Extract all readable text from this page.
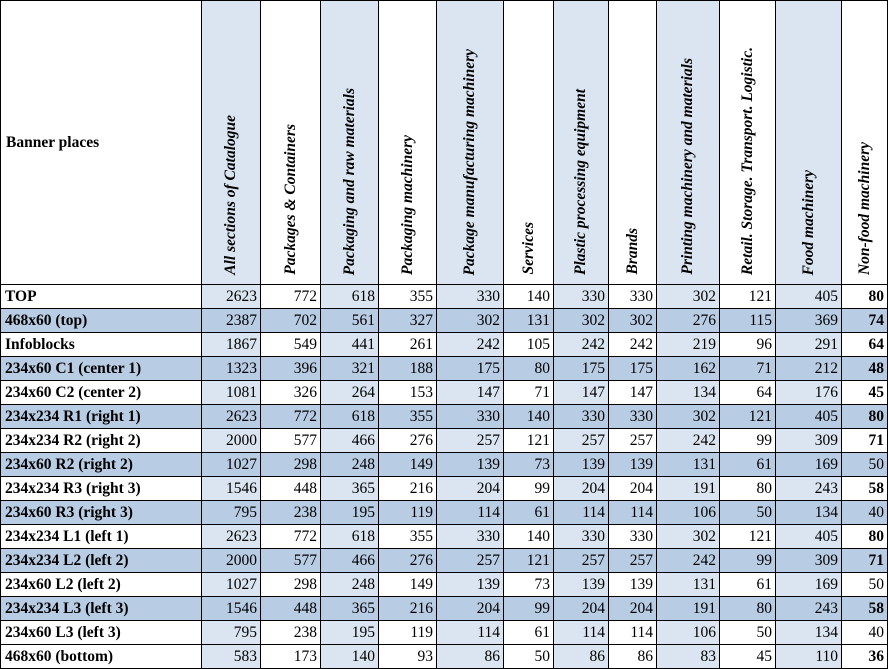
Banner places	All sections of Catalogue	Packages & Containers	Packaging and raw materials	Packaging machinery	Package manufacturing machinery	Services	Plastic processing equipment	Brands	Printing machinery and materials	Retail. Storage. Transport. Logistic.	Food machinery	Non-food machinery
TOP	2623	772	618	355	330	140	330	330	302	121	405	80
468x60 (top)	2387	702	561	327	302	131	302	302	276	115	369	74
Infoblocks	1867	549	441	261	242	105	242	242	219	96	291	64
234x60 C1 (center 1)	1323	396	321	188	175	80	175	175	162	71	212	48
234x60 C2 (center 2)	1081	326	264	153	147	71	147	147	134	64	176	45
234x234 R1 (right 1)	2623	772	618	355	330	140	330	330	302	121	405	80
234x234 R2 (right 2)	2000	577	466	276	257	121	257	257	242	99	309	71
234x60 R2 (right 2)	1027	298	248	149	139	73	139	139	131	61	169	50
234x234 R3 (right 3)	1546	448	365	216	204	99	204	204	191	80	243	58
234x60 R3 (right 3)	795	238	195	119	114	61	114	114	106	50	134	40
234x234 L1 (left 1)	2623	772	618	355	330	140	330	330	302	121	405	80
234x234 L2 (left 2)	2000	577	466	276	257	121	257	257	242	99	309	71
234x60 L2 (left 2)	1027	298	248	149	139	73	139	139	131	61	169	50
234x234 L3 (left 3)	1546	448	365	216	204	99	204	204	191	80	243	58
234x60 L3 (left 3)	795	238	195	119	114	61	114	114	106	50	134	40
468x60 (bottom)	583	173	140	93	86	50	86	86	83	45	110	36
